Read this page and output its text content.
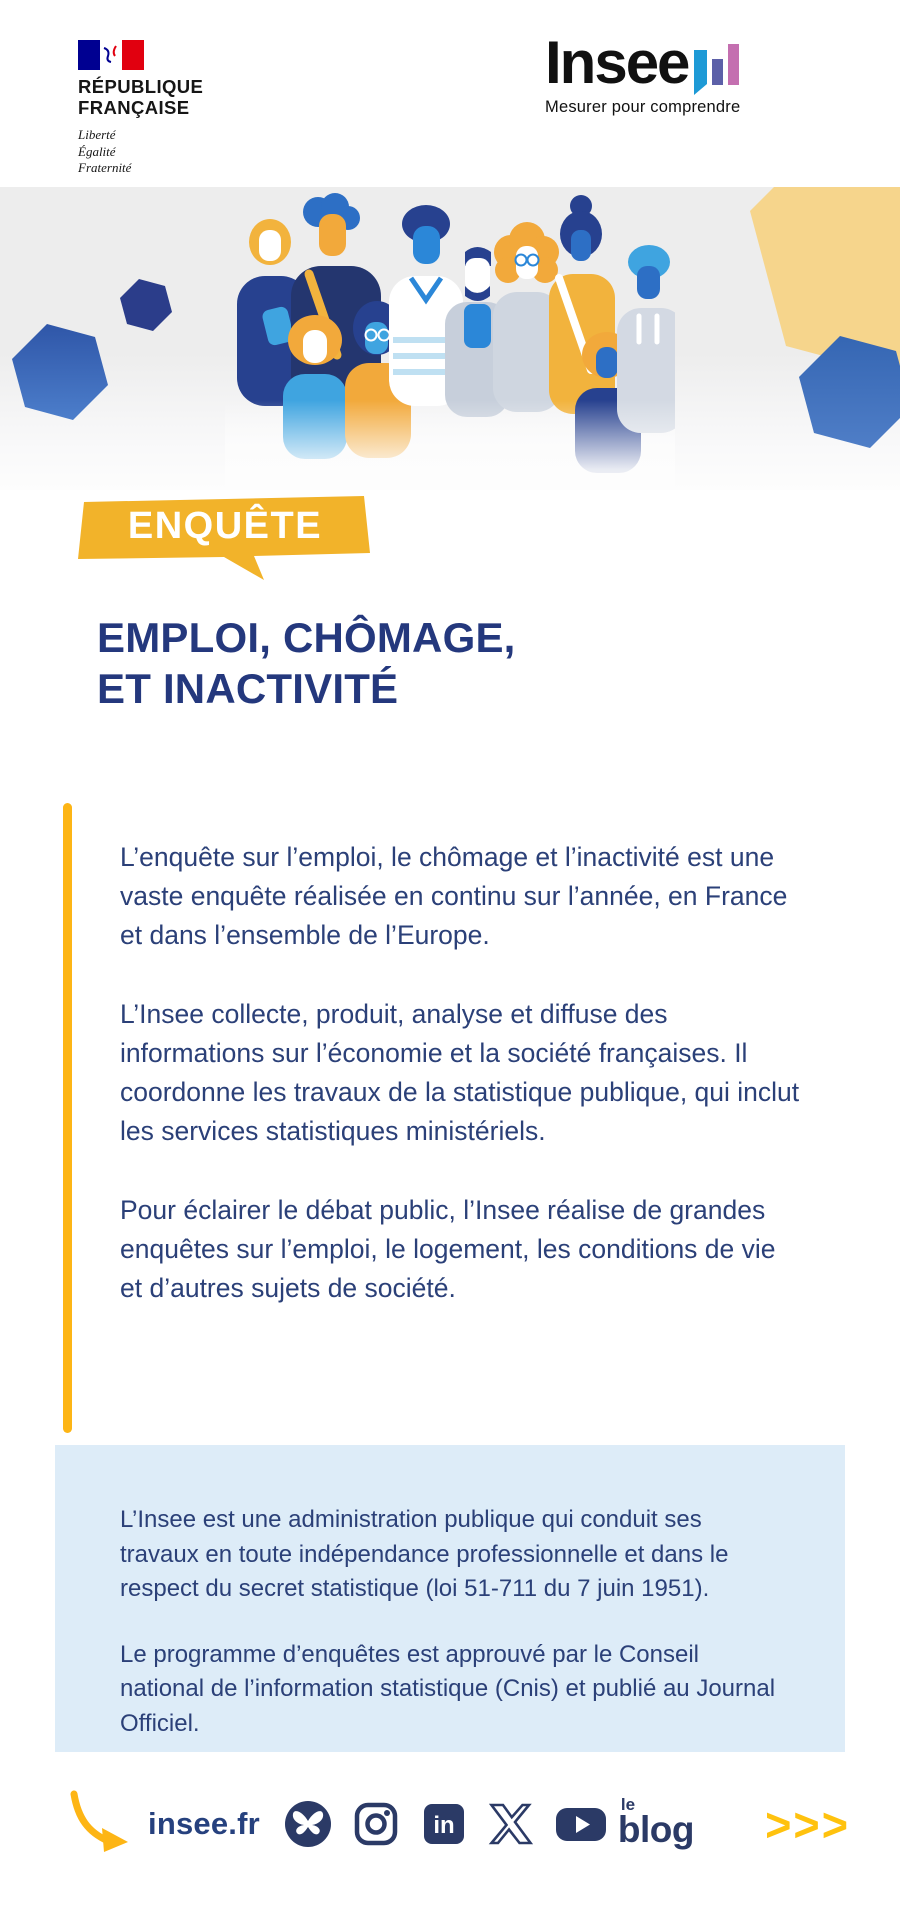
RÉPUBLIQUE
FRANÇAISE
Liberté
Égalité
Fraternité
Insee
Mesurer pour comprendre
ENQUÊTE
EMPLOI, CHÔMAGE,
ET INACTIVITÉ

L’enquête sur l’emploi, le chômage et l’inactivité est une vaste enquête réalisée en continu sur l’année, en France et dans l’ensemble de l’Europe.

L’Insee collecte, produit, analyse et diffuse des informations sur l’économie et la société françaises. Il coordonne les travaux de la statistique publique, qui inclut les services statistiques ministériels.

Pour éclairer le débat public, l’Insee réalise de grandes enquêtes sur l’emploi, le logement, les conditions de vie et d’autres sujets de société.

L’Insee est une administration publique qui conduit ses travaux en toute indépendance professionnelle et dans le respect du secret statistique (loi 51-711 du 7 juin 1951).

Le programme d’enquêtes est approuvé par le Conseil national de l’information statistique (Cnis) et publié au Journal Officiel.

insee.fr	in
le
blog >>>
